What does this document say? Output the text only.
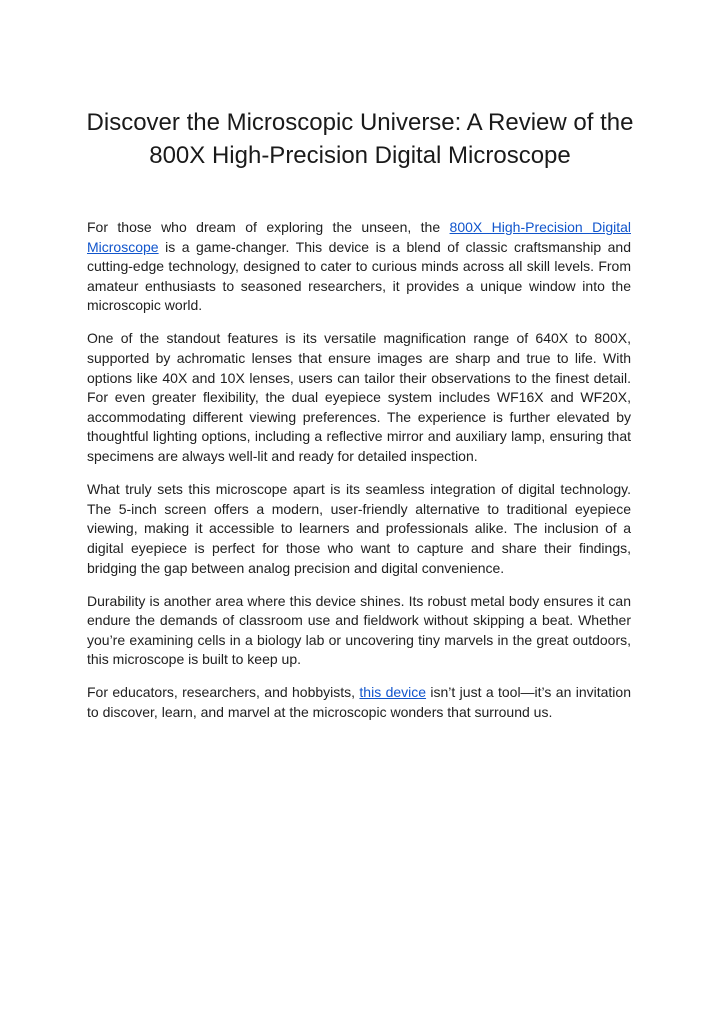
Discover the Microscopic Universe: A Review of the 800X High-Precision Digital Microscope

For those who dream of exploring the unseen, the 800X High-Precision Digital Microscope is a game-changer. This device is a blend of classic craftsmanship and cutting-edge technology, designed to cater to curious minds across all skill levels. From amateur enthusiasts to seasoned researchers, it provides a unique window into the microscopic world.

One of the standout features is its versatile magnification range of 640X to 800X, supported by achromatic lenses that ensure images are sharp and true to life. With options like 40X and 10X lenses, users can tailor their observations to the finest detail. For even greater flexibility, the dual eyepiece system includes WF16X and WF20X, accommodating different viewing preferences. The experience is further elevated by thoughtful lighting options, including a reflective mirror and auxiliary lamp, ensuring that specimens are always well-lit and ready for detailed inspection.

What truly sets this microscope apart is its seamless integration of digital technology. The 5-inch screen offers a modern, user-friendly alternative to traditional eyepiece viewing, making it accessible to learners and professionals alike. The inclusion of a digital eyepiece is perfect for those who want to capture and share their findings, bridging the gap between analog precision and digital convenience.

Durability is another area where this device shines. Its robust metal body ensures it can endure the demands of classroom use and fieldwork without skipping a beat. Whether you’re examining cells in a biology lab or uncovering tiny marvels in the great outdoors, this microscope is built to keep up.

For educators, researchers, and hobbyists, this device isn’t just a tool—it’s an invitation to discover, learn, and marvel at the microscopic wonders that surround us.
